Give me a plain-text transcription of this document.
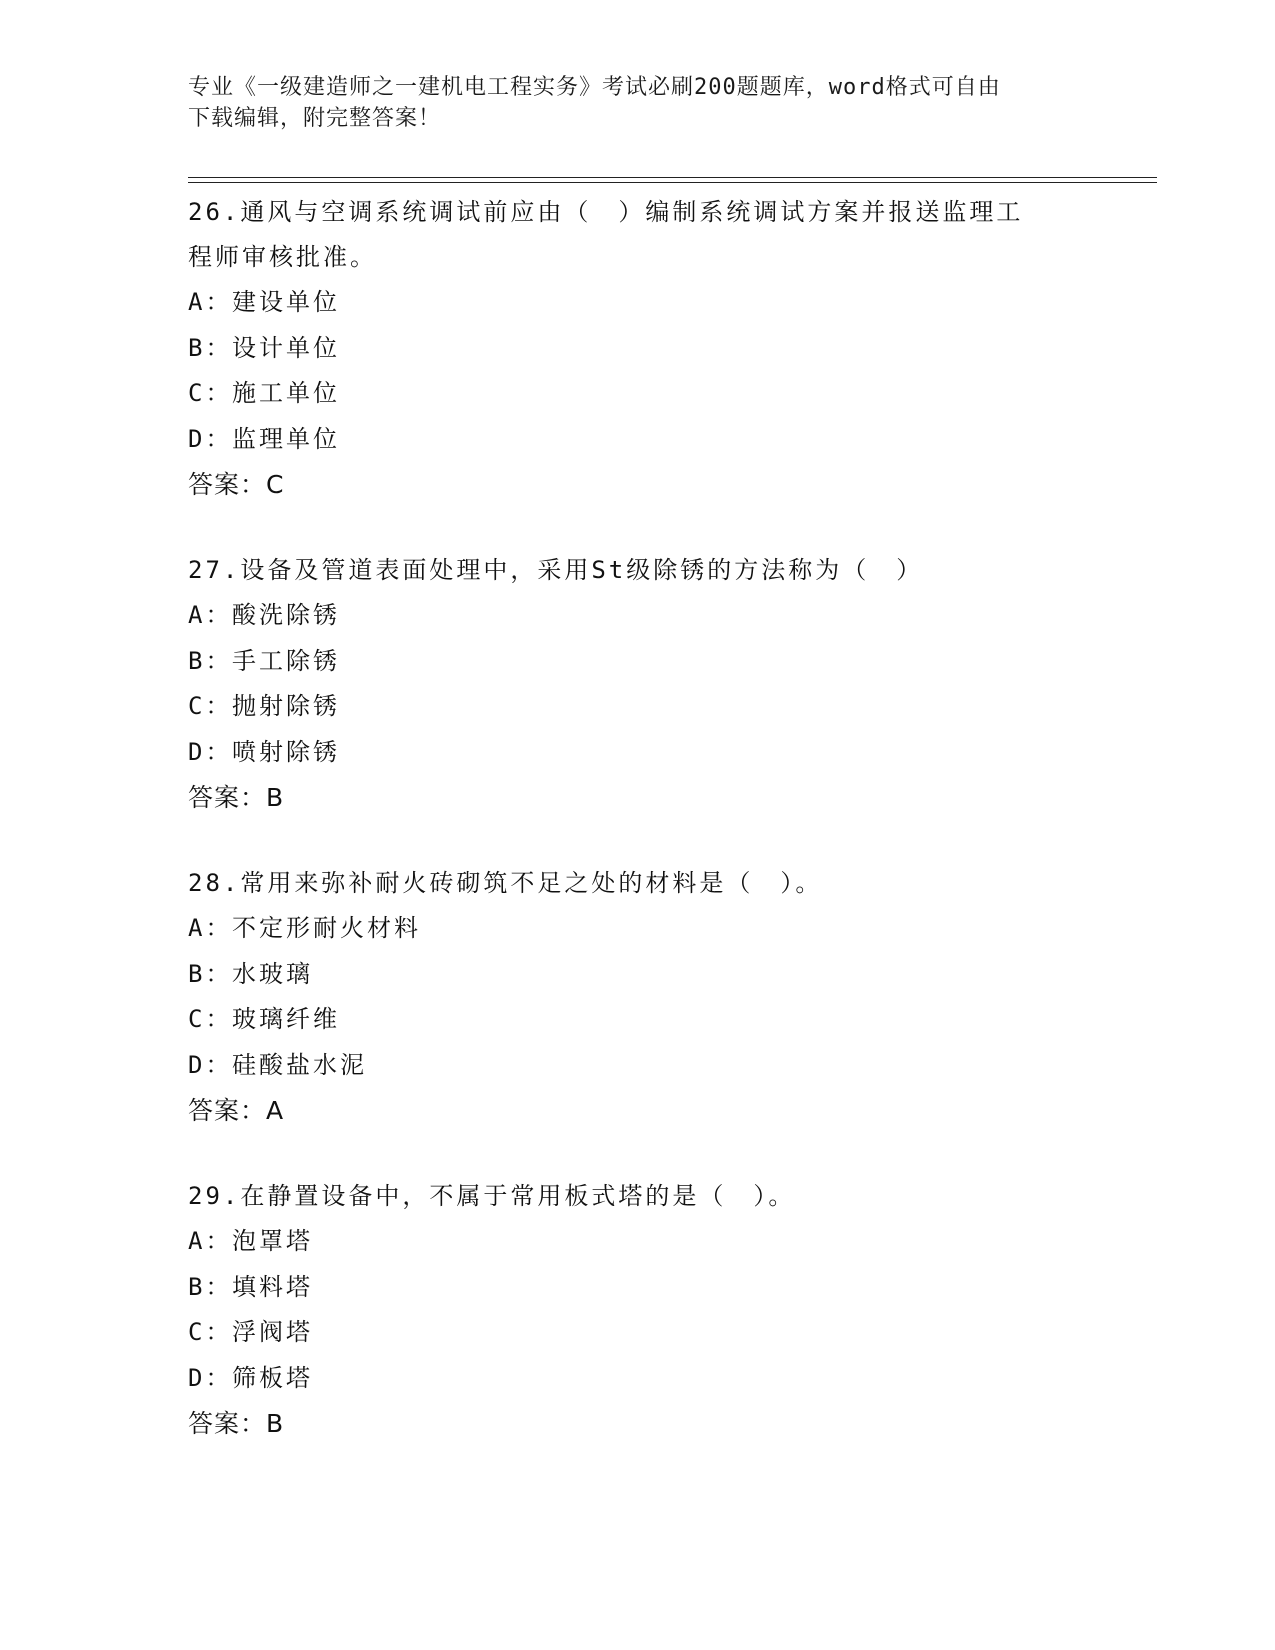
专业《一级建造师之一建机电工程实务》考试必刷200题题库，word格式可自由
下载编辑，附完整答案！
26.通风与空调系统调试前应由（　）编制系统调试方案并报送监理工
程师审核批准。
A： 建设单位
B： 设计单位
C： 施工单位
D： 监理单位
答案：C
27.设备及管道表面处理中，采用St级除锈的方法称为（　）
A： 酸洗除锈
B： 手工除锈
C： 抛射除锈
D： 喷射除锈
答案：B
28.常用来弥补耐火砖砌筑不足之处的材料是（　）。
A： 不定形耐火材料
B： 水玻璃
C： 玻璃纤维
D： 硅酸盐水泥
答案：A
29.在静置设备中，不属于常用板式塔的是（　）。
A： 泡罩塔
B： 填料塔
C： 浮阀塔
D： 筛板塔
答案：B
